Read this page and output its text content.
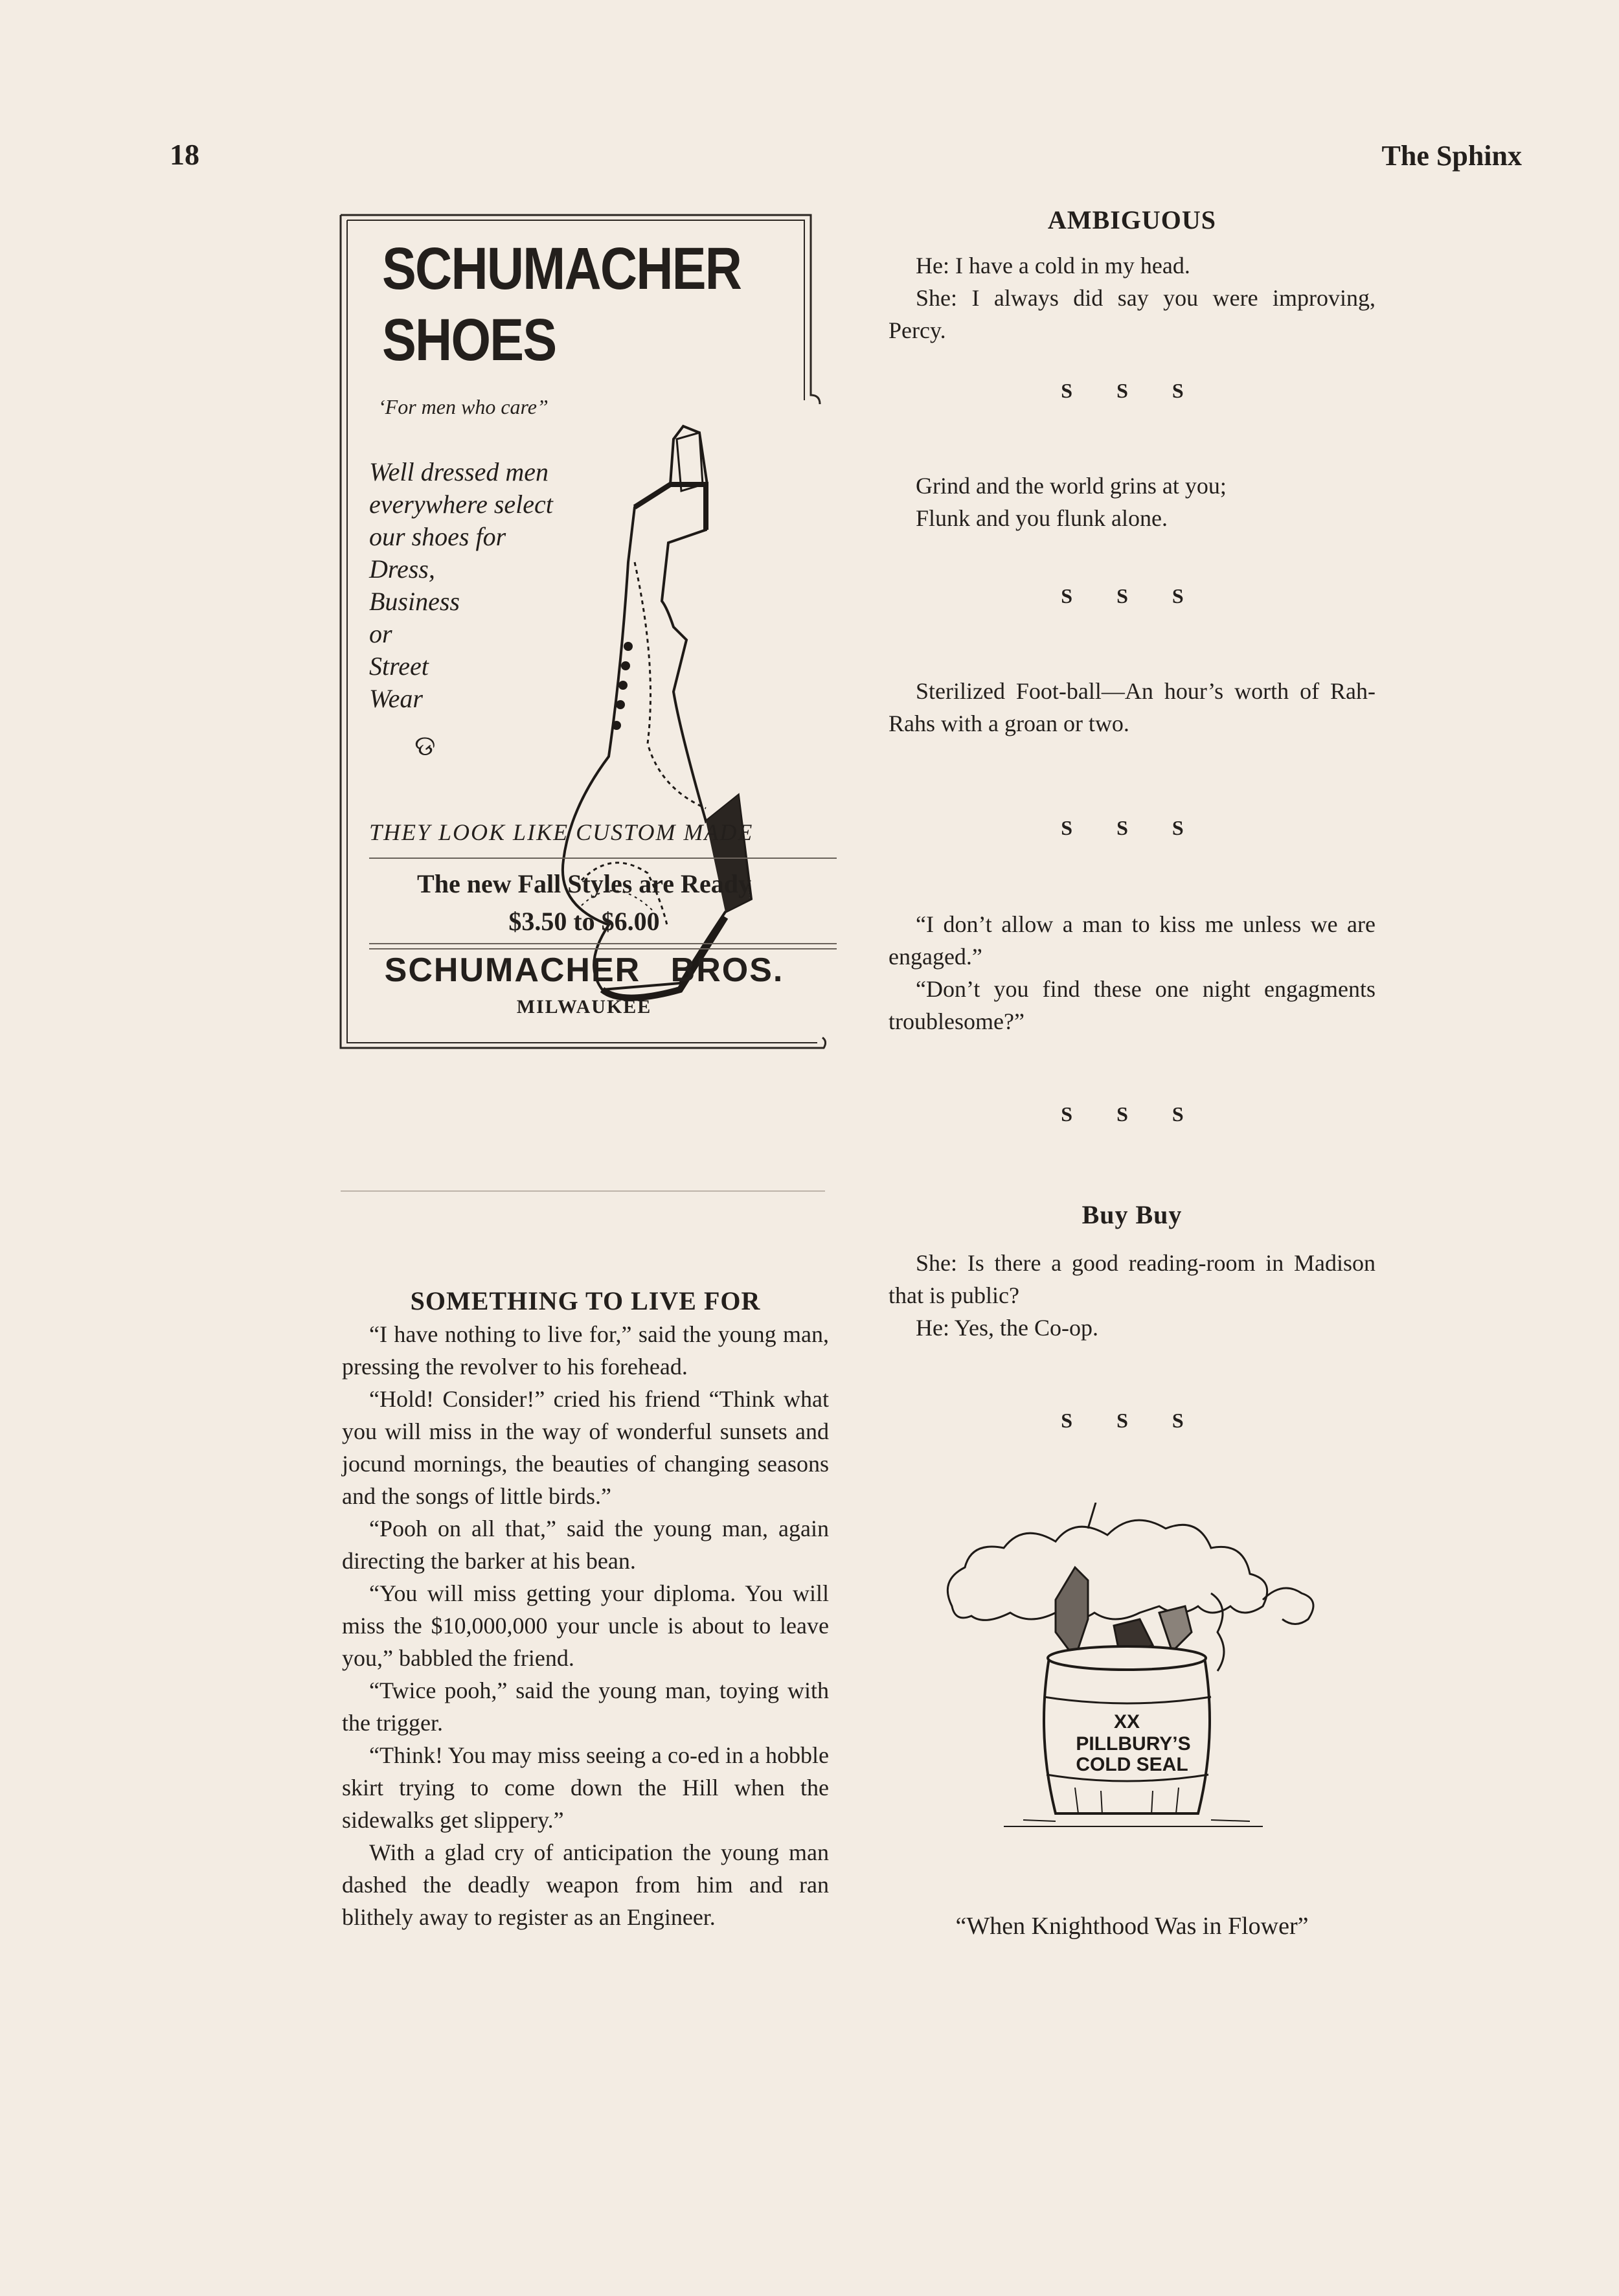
18	The Sphinx
SCHUMACHER
SHOES
‘For men who care”
Well dressed men
everywhere select
our shoes for
Dress,
Business
or
Street
Wear
ଡ
THEY LOOK LIKE CUSTOM MADE
The new Fall Styles are Ready
$3.50 to $6.00
SCHUMACHER BROS.
MILWAUKEE
SOMETHING TO LIVE FOR

“I have nothing to live for,” said the young man, pressing the revolver to his forehead.

“Hold! Consider!” cried his friend “Think what you will miss in the way of wonderful sunsets and jocund mornings, the beauties of changing seasons and the songs of little birds.”

“Pooh on all that,” said the young man, again directing the barker at his bean.

“You will miss getting your diploma. You will miss the $10,000,000 your uncle is about to leave you,” babbled the friend.

“Twice pooh,” said the young man, toying with the trigger.

“Think! You may miss seeing a co-ed in a hobble skirt trying to come down the Hill when the sidewalks get slippery.”

With a glad cry of anticipation the young man dashed the deadly weapon from him and ran blithely away to register as an Engineer.

AMBIGUOUS

He: I have a cold in my head.

She: I always did say you were improving, Percy.

S S S

Grind and the world grins at you;

Flunk and you flunk alone.

S S S

Sterilized Foot-ball—An hour’s worth of Rah-Rahs with a groan or two.

S S S

“I don’t allow a man to kiss me unless we are engaged.”

“Don’t you find these one night engagments troublesome?”

S S S
Buy Buy

She: Is there a good reading-room in Madison that is public?

He: Yes, the Co-op.

S S S
XX
PILLBURY’S
COLD SEAL
“When Knighthood Was in Flower”
